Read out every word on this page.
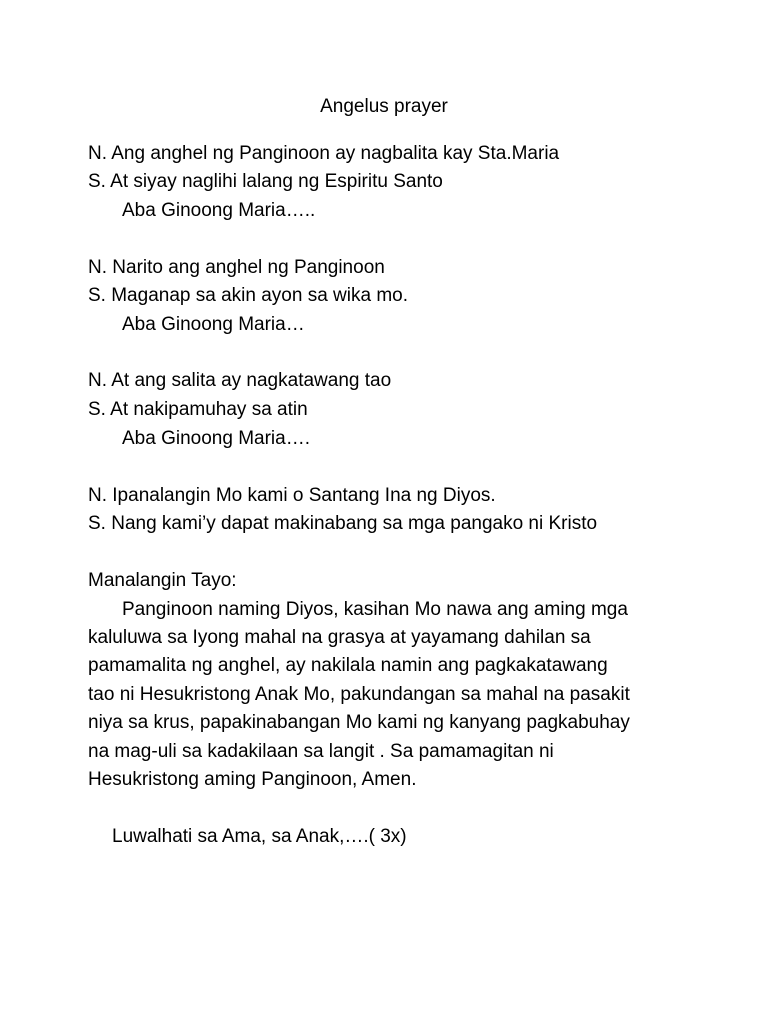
Angelus prayer
N. Ang anghel ng Panginoon ay nagbalita kay Sta.Maria
S. At siyay naglihi lalang ng Espiritu Santo
Aba Ginoong Maria…..
N. Narito ang anghel ng Panginoon
S. Maganap sa akin ayon sa wika mo.
Aba Ginoong Maria…
N. At ang salita ay nagkatawang tao
S. At nakipamuhay sa atin
Aba Ginoong Maria….
N. Ipanalangin Mo kami o Santang Ina ng Diyos.
S. Nang kami’y dapat makinabang sa mga pangako ni Kristo
Manalangin Tayo:
Panginoon naming Diyos, kasihan Mo nawa ang aming mga
kaluluwa sa Iyong mahal na grasya at yayamang dahilan sa
pamamalita ng anghel, ay nakilala namin ang pagkakatawang
tao ni Hesukristong Anak Mo, pakundangan sa mahal na pasakit
niya sa krus, papakinabangan Mo kami ng kanyang pagkabuhay
na mag-uli sa kadakilaan sa langit . Sa pamamagitan ni
Hesukristong aming Panginoon, Amen.
Luwalhati sa Ama, sa Anak,….( 3x)
